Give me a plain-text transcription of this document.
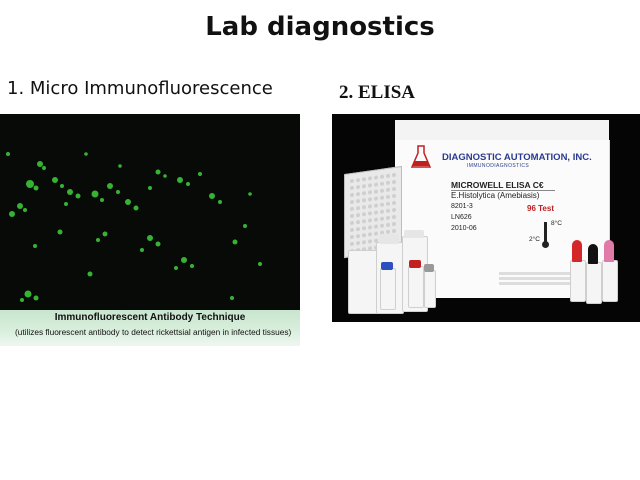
Lab diagnostics
1. Micro Immunofluorescence	2. ELISA
Immunofluorescent Antibody Technique
(utilizes fluorescent antibody to detect rickettsial antigen in infected tissues)
DIAGNOSTIC AUTOMATION, INC.
IMMUNODIAGNOSTICS
MICROWELL ELISA C€
E.Histolytica (Amebiasis)
8201-3
LN626
2010-06
96 Test
8°C
2°C
